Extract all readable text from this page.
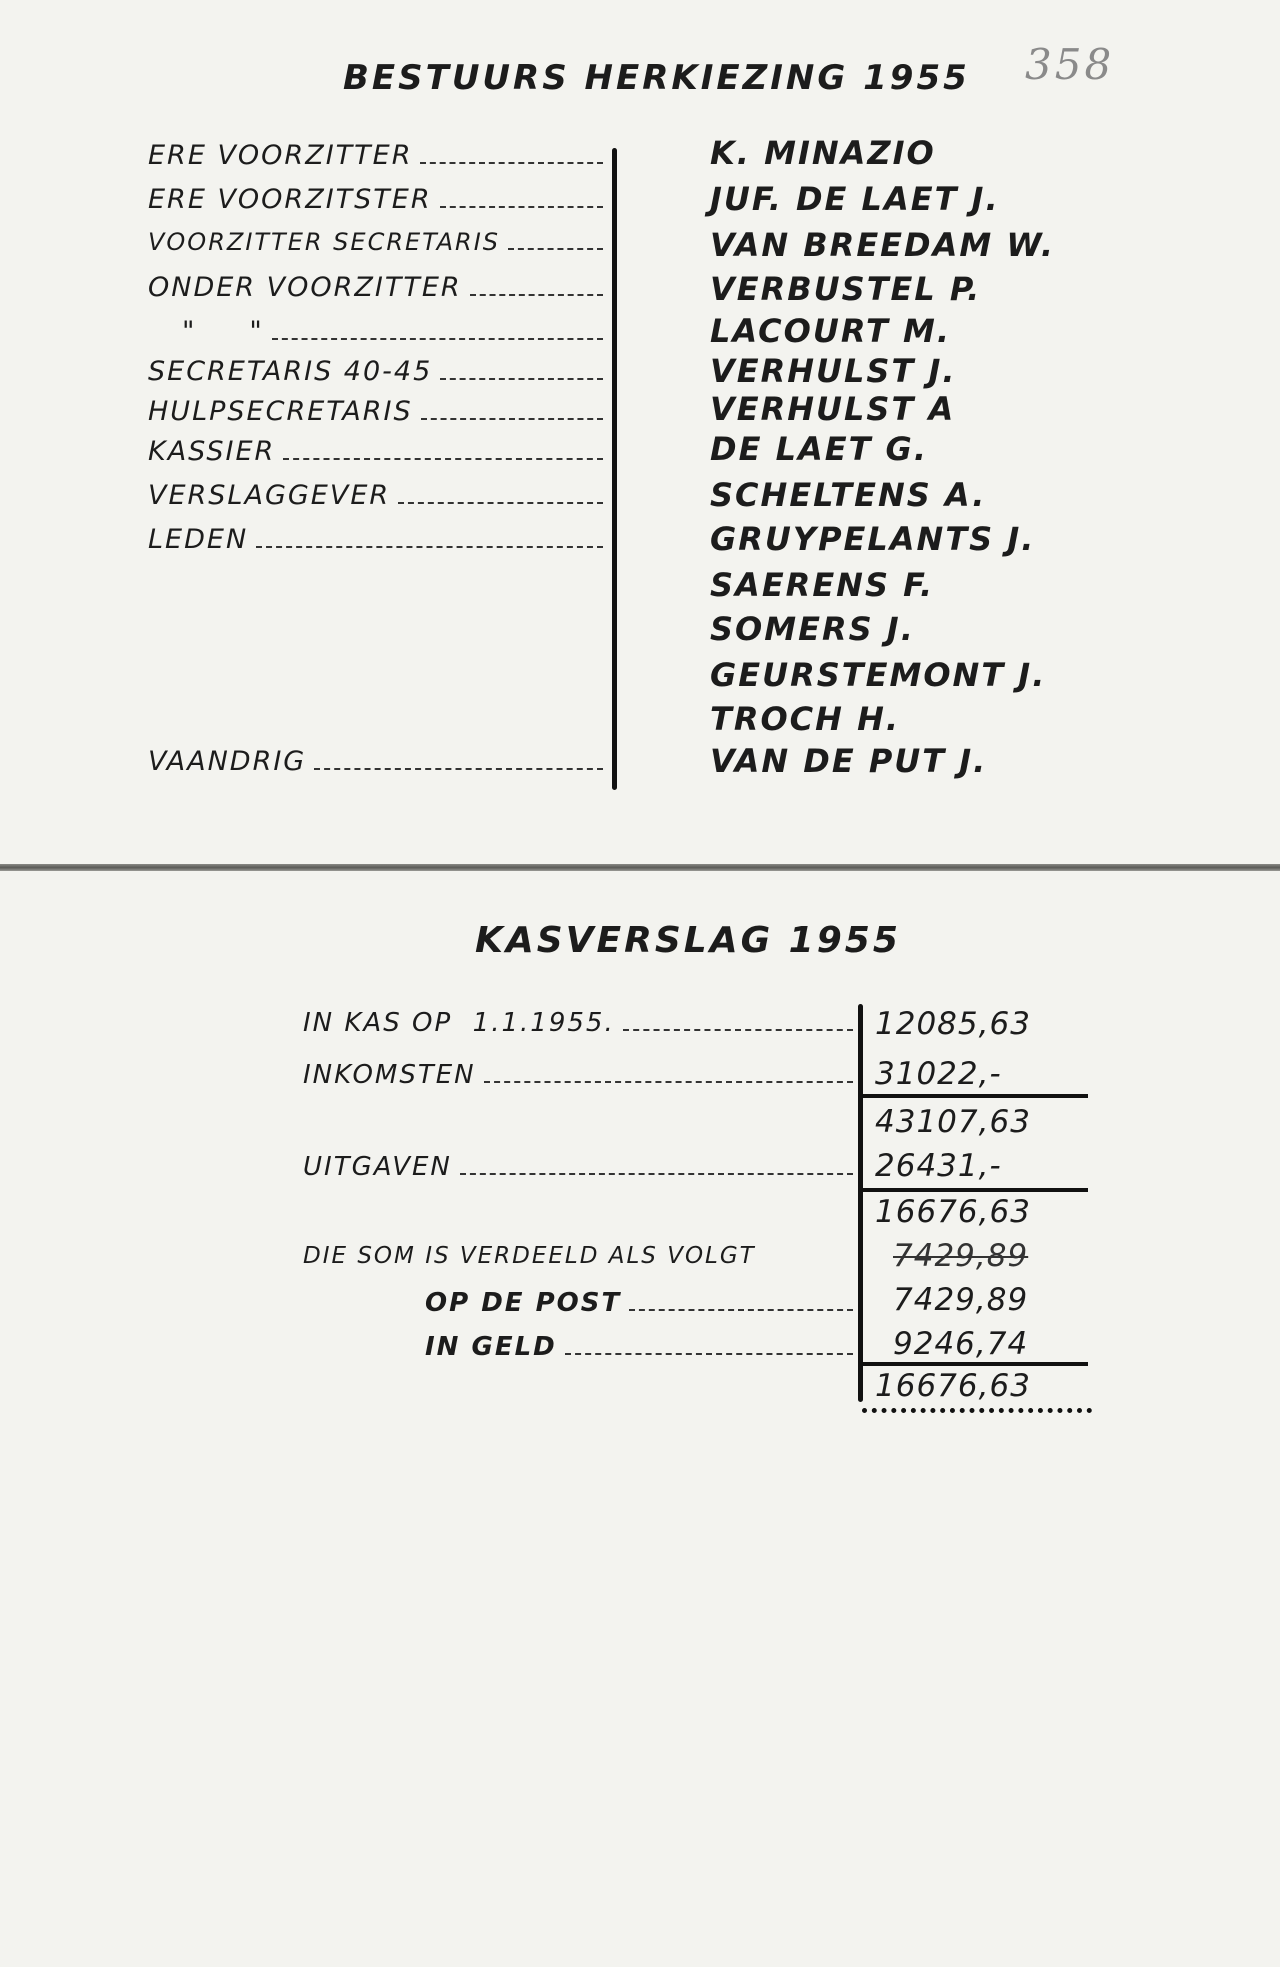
358
BESTUURS HERKIEZING 1955
ERE VOORZITTER
ERE VOORZITSTER
VOORZITTER SECRETARIS
ONDER VOORZITTER
"     "
SECRETARIS 40-45
HULPSECRETARIS
KASSIER
VERSLAGGEVER
LEDEN
VAANDRIG
K. MINAZIO
JUF. DE LAET J.
VAN BREEDAM W.
VERBUSTEL P.
LACOURT M.
VERHULST J.
VERHULST A
DE LAET G.
SCHELTENS A.
GRUYPELANTS J.
SAERENS F.
SOMERS J.
GEURSTEMONT J.
TROCH H.
VAN DE PUT J.
KASVERSLAG 1955
IN KAS OP  1.1.1955.
INKOMSTEN
UITGAVEN
DIE SOM IS VERDEELD ALS VOLGT
OP DE POST
IN GELD
12085,63
31022,-
43107,63
26431,-
16676,63
7429,89
7429,89
9246,74
16676,63
